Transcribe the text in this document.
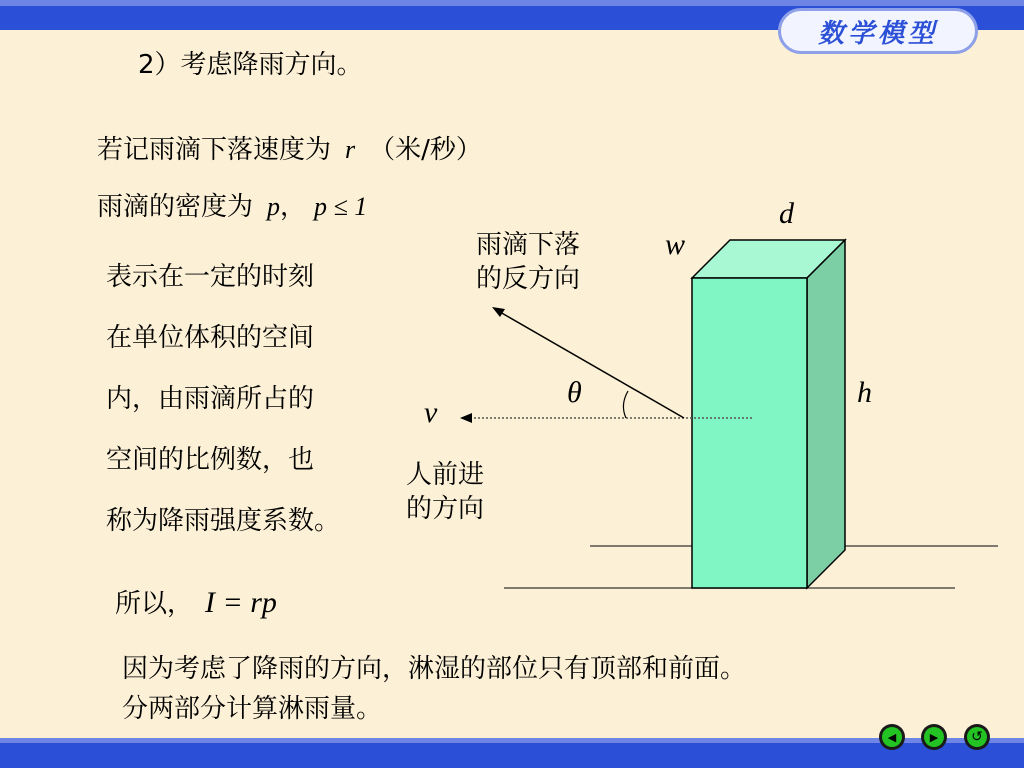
数学模型
2）考虑降雨方向。
若记雨滴下落速度为 r （米/秒）
雨滴的密度为 p， p ≤ 1
表示在一定的时刻
在单位体积的空间
内，由雨滴所占的
空间的比例数，也
称为降雨强度系数。
所以， I = rp
因为考虑了降雨的方向，淋湿的部位只有顶部和前面。
分两部分计算淋雨量。
雨滴下落
的反方向
人前进
的方向
θ
v
w
d
h
◀	▶	↺
